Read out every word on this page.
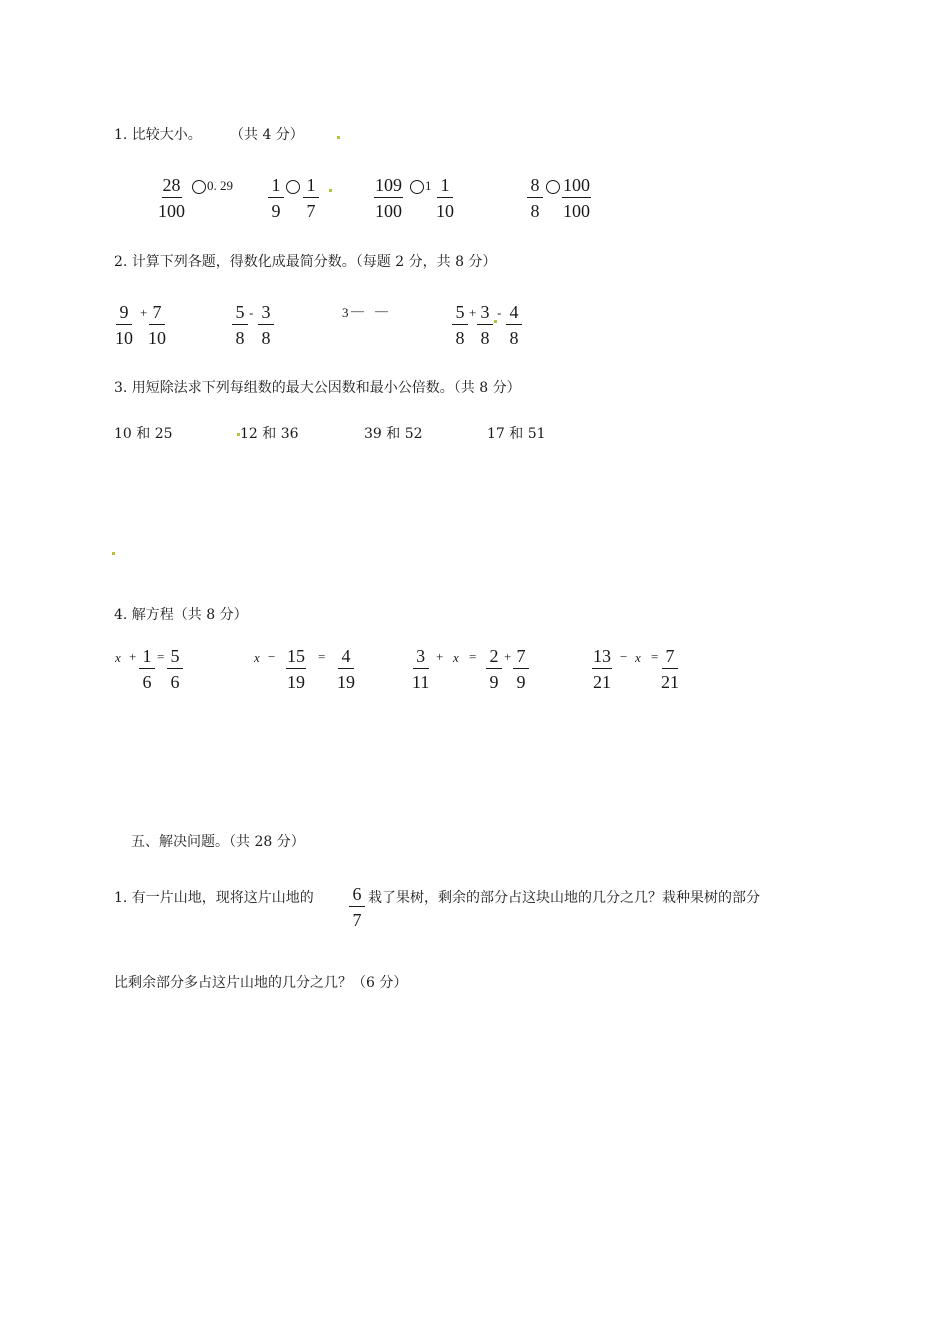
1. 比较大小。 （共 4 分）
$\frac{28}{100} 0$. $29 \frac{1}{9} \frac{1}{7}$	$\frac{109}{100} 1 \frac{1}{10}$	$\frac{8}{8} \frac{100}{100}$
2. 计算下列各题，得数化成最简分数。（每题 2 分，共 8 分）
$\frac{9}{10} + \frac{7}{10}$	$\frac{5}{8} - \frac{3}{8}$	3 — —	$\frac{5}{8} + \frac{3}{8} - \frac{4}{8}$
3. 用短除法求下列每组数的最大公因数和最小公倍数。（共 8 分）
10 和 25	12 和 36	39 和 52	17 和 51
4. 解方程（共 8 分）
$x + \frac{1}{6} = \frac{5}{6}$	$x - \frac{15}{19} = \frac{4}{19}$	$\frac{3}{11} + x = \frac{2}{9} + \frac{7}{9}$	$\frac{13}{21} - x = \frac{7}{21}$
五、解决问题。（共 28 分）
1. 有一片山地，现将这片山地的 $\frac{6}{7}$ 栽了果树，剩余的部分占这块山地的几分之几？栽种果树的部分
比剩余部分多占这片山地的几分之几？（6 分）
